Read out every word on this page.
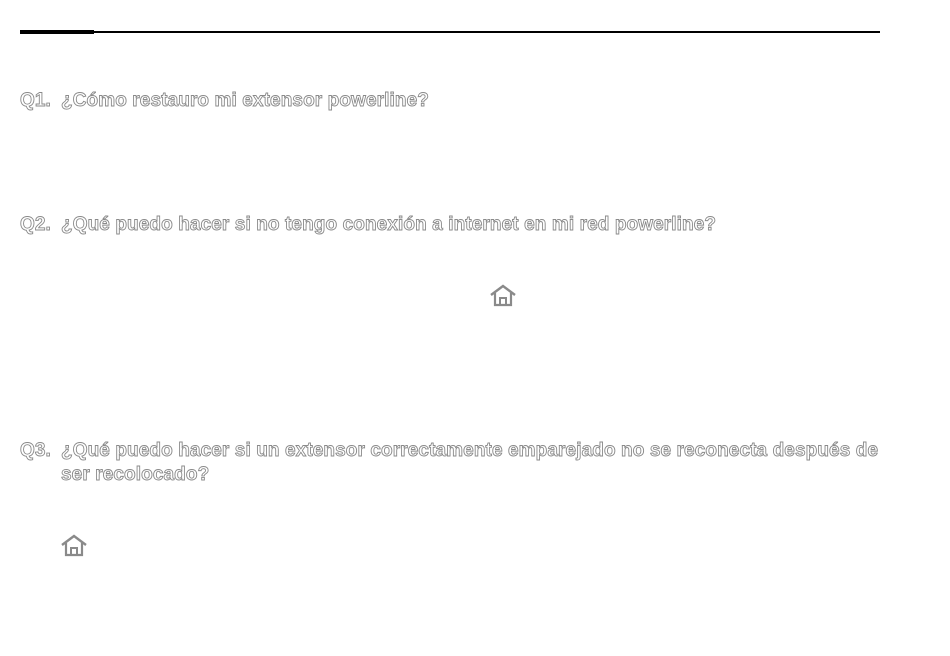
Q1. ¿Cómo restauro mi extensor powerline?
Q2. ¿Qué puedo hacer si no tengo conexión a internet en mi red powerline?
Q3. ¿Qué puedo hacer si un extensor correctamente emparejado no se reconecta después de ser recolocado?
